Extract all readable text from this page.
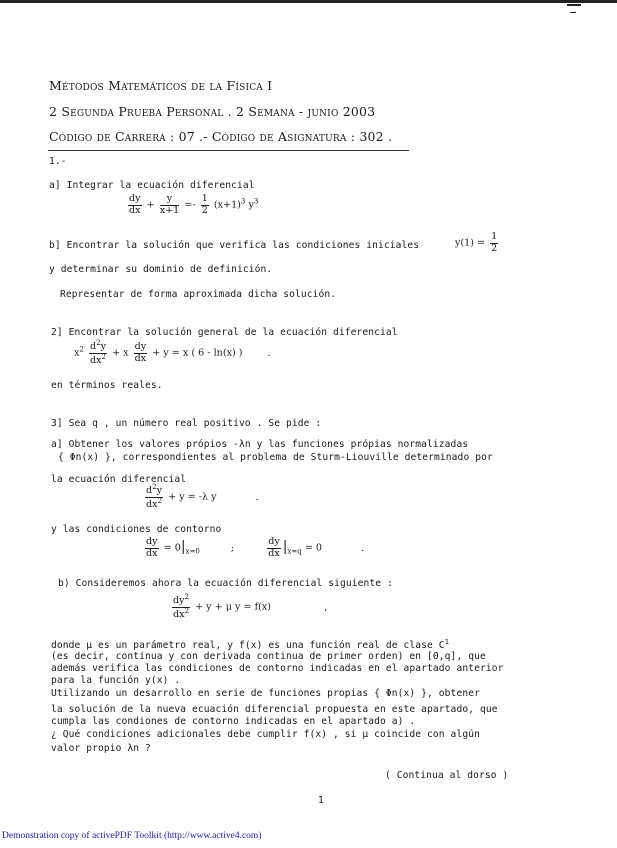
Métodos Matemáticos de la Física I
2 Segunda Prueba Personal . 2 Semana - junio 2003
Código de Carrera : 07 .- Código de Asignatura : 302 .
1.-
a] Integrar la ecuación diferencial
$\frac{dy}{dx} + \frac{y}{x+1} =- \frac{1}{2} (x+1)^3$ $y^3$
b] Encontrar la solución que verifica las condiciones iniciales	$y(1) = \frac{1}{2}$
y determinar su dominio de definición.
Representar de forma aproximada dicha solución.
2] Encontrar la solución general de la ecuación diferencial
$x^2 \frac{d^2y}{dx^2} + x \frac{dy}{dx} + y = x$ ( 6 - ln(x) )	.
en términos reales.
3] Sea q , un número real positivo . Se pide :
a] Obtener los valores própios -λn y las funciones própias normalizadas
{ Φn(x) }, correspondientes al problema de Sturm-Liouville determinado por
la ecuación diferencial
$\frac{d^2y}{dx^2} + y = -\lambda$ y	.
y las condiciones de contorno
$\frac{dy}{dx} = 0|_{x=0}$	;	$\frac{dy}{dx} |_{x=q} = 0$	.
b) Consideremos ahora la ecuación diferencial siguiente :
$\frac{dy^2}{dx^2} + y + \mu$ y = f(x)	,
donde μ es un parámetro real, y f(x) es una función real de clase $C^1$
(es decir, continua y con derivada continua de primer orden) en [0,q], que
además verifica las condiciones de contorno indicadas en el apartado anterior
para la función y(x) .
Utilizando un desarrollo en serie de funciones propias { Φn(x) }, obtener
la solución de la nueva ecuación diferencial propuesta en este apartado, que
cumpla las condiones de contorno indicadas en el apartado a) .
¿ Qué condiciones adicionales debe cumplir f(x) , si μ coincide con algún
valor propio λn ?
( Continua al dorso )
1
Demonstration copy of activePDF Toolkit (http://www.active4.com)
